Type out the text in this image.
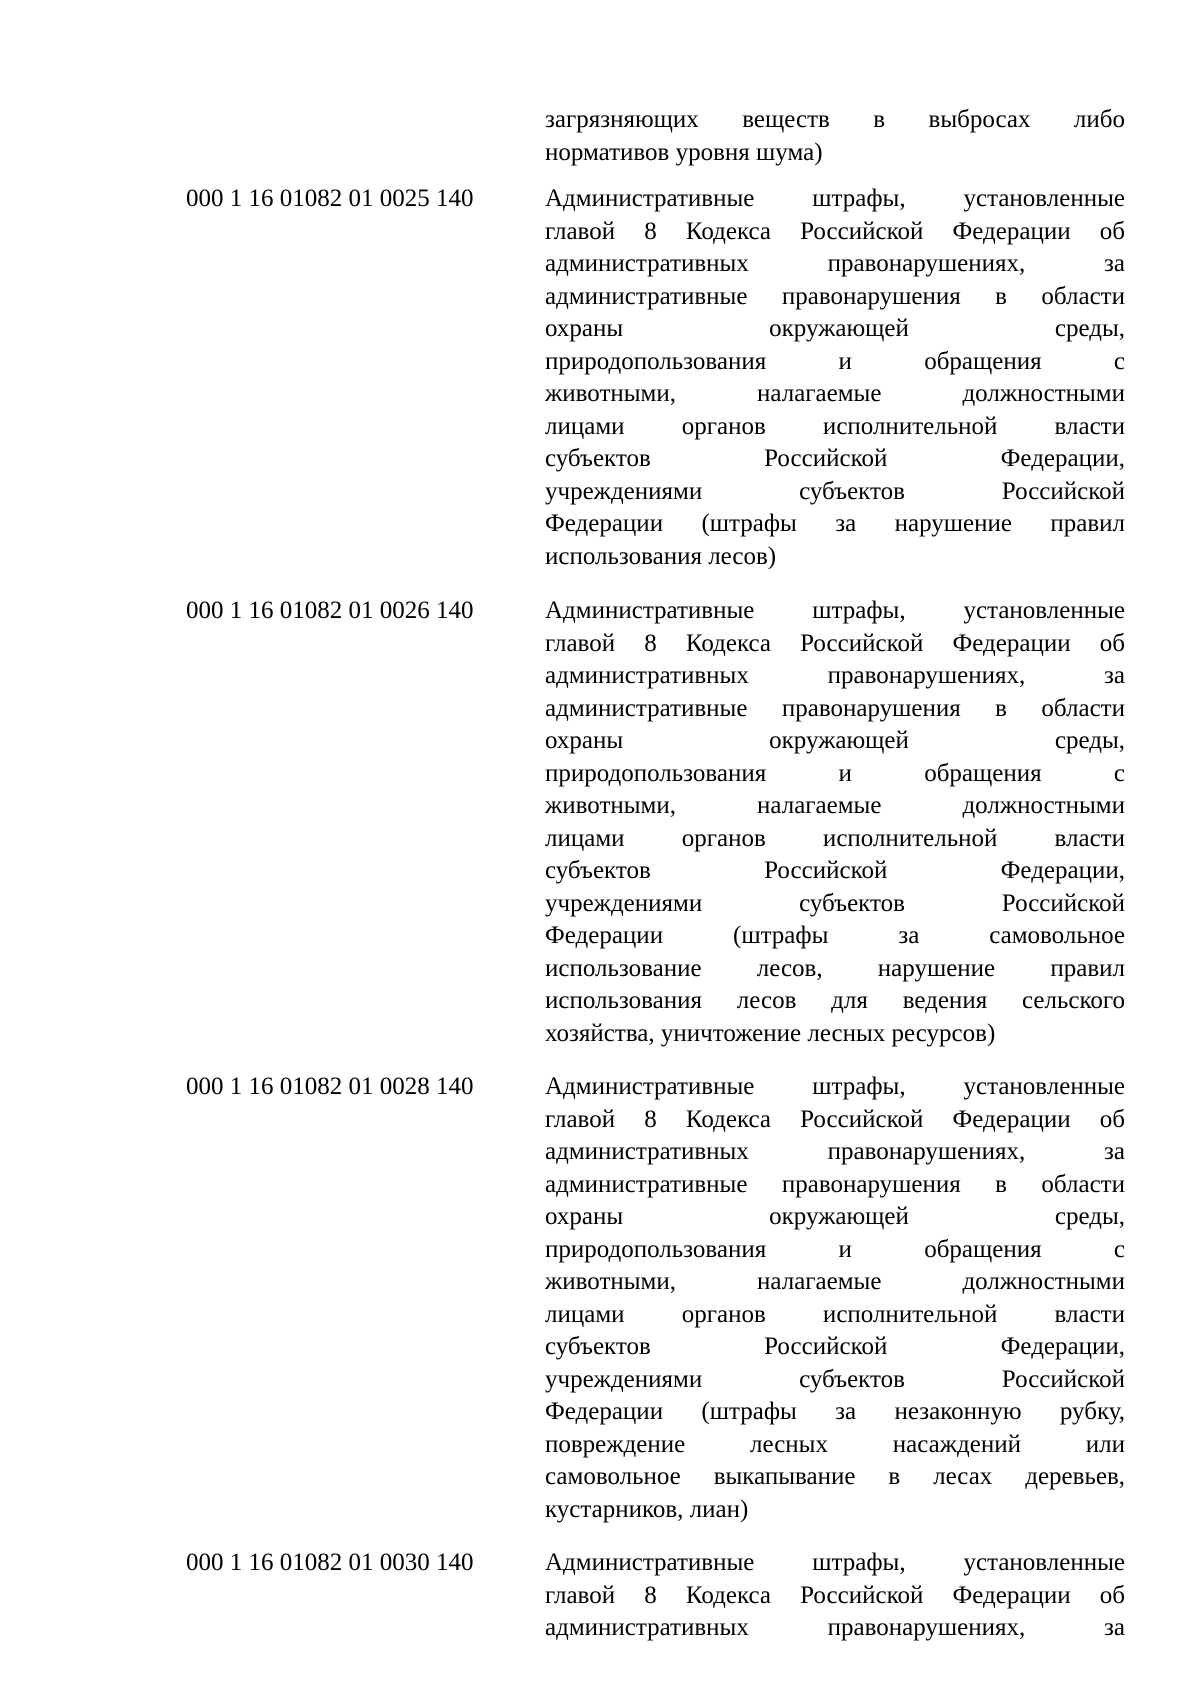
загрязняющих веществ в выбросах либо
нормативов уровня шума)
000 1 16 01082 01 0025 140	Административные штрафы, установленные
главой 8 Кодекса Российской Федерации об
административных правонарушениях, за
административные правонарушения в области
охраны окружающей среды,
природопользования и обращения с
животными, налагаемые должностными
лицами органов исполнительной власти
субъектов Российской Федерации,
учреждениями субъектов Российской
Федерации (штрафы за нарушение правил
использования лесов)
000 1 16 01082 01 0026 140	Административные штрафы, установленные
главой 8 Кодекса Российской Федерации об
административных правонарушениях, за
административные правонарушения в области
охраны окружающей среды,
природопользования и обращения с
животными, налагаемые должностными
лицами органов исполнительной власти
субъектов Российской Федерации,
учреждениями субъектов Российской
Федерации (штрафы за самовольное
использование лесов, нарушение правил
использования лесов для ведения сельского
хозяйства, уничтожение лесных ресурсов)
000 1 16 01082 01 0028 140	Административные штрафы, установленные
главой 8 Кодекса Российской Федерации об
административных правонарушениях, за
административные правонарушения в области
охраны окружающей среды,
природопользования и обращения с
животными, налагаемые должностными
лицами органов исполнительной власти
субъектов Российской Федерации,
учреждениями субъектов Российской
Федерации (штрафы за незаконную рубку,
повреждение лесных насаждений или
самовольное выкапывание в лесах деревьев,
кустарников, лиан)
000 1 16 01082 01 0030 140	Административные штрафы, установленные
главой 8 Кодекса Российской Федерации об
административных правонарушениях, за
